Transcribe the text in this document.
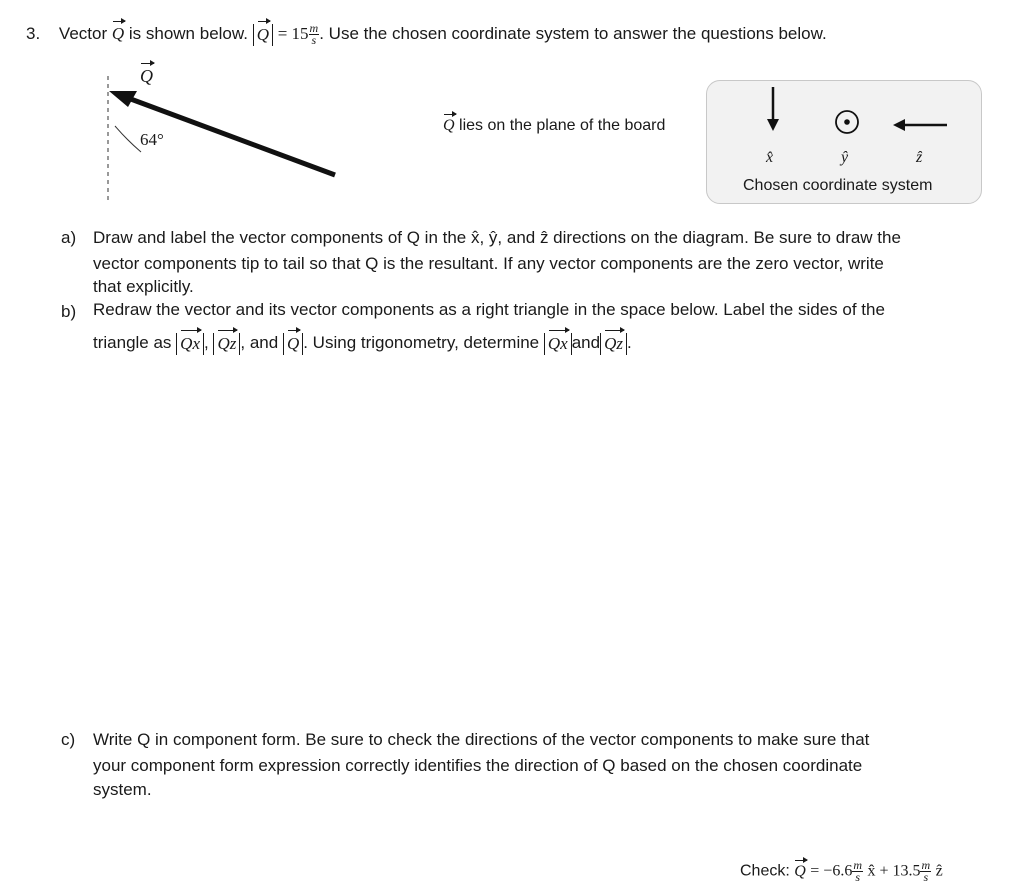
3. Vector Q is shown below. $Q = 15 \frac{m}{s}$ . Use the chosen coordinate system to answer the questions below.
Q
64°
Q lies on the plane of the board
x̂	ŷ	ẑ
Chosen coordinate system
a) Draw and label the vector components of Q in the x̂, ŷ, and ẑ directions on the diagram. Be sure to draw the
vector components tip to tail so that Q is the resultant. If any vector components are the zero vector, write
that explicitly.
b) Redraw the vector and its vector components as a right triangle in the space below. Label the sides of the
triangle as Qx , Qz , and Q . Using trigonometry, determine Qx and Qz .
c) Write Q in component form. Be sure to check the directions of the vector components to make sure that
your component form expression correctly identifies the direction of Q based on the chosen coordinate
system.
Check: $Q = -6.6 \frac{m}{s}$ x̂ + $13.5 \frac{m}{s}$ ẑ
